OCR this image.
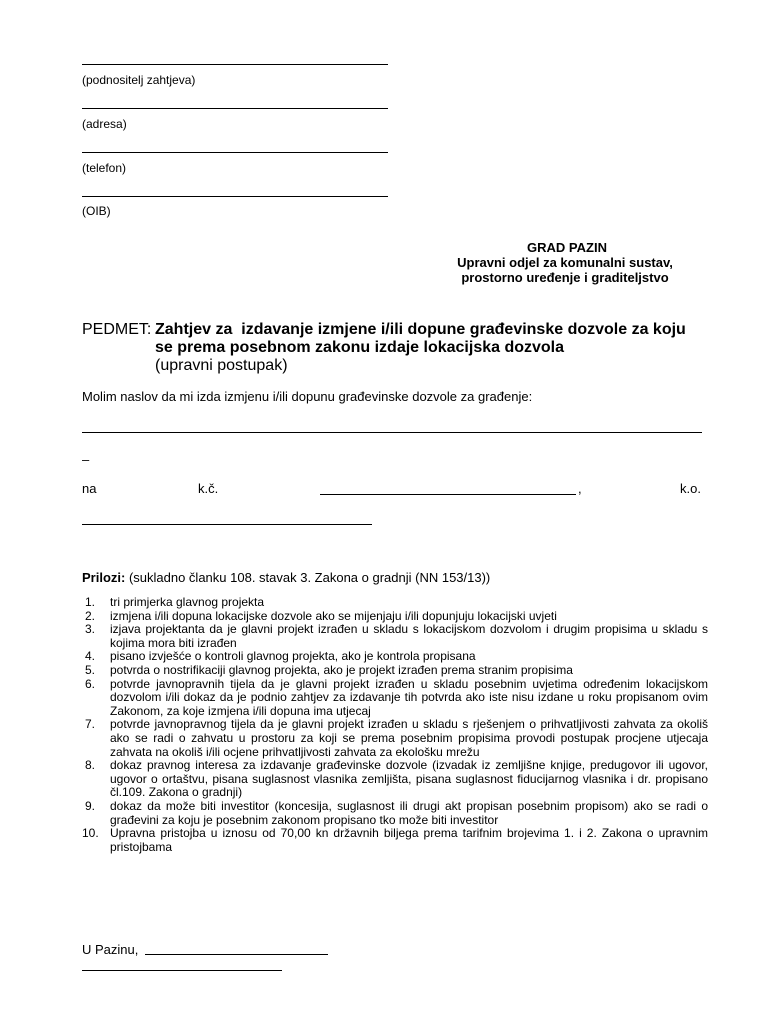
(podnositelj zahtjeva)
(adresa)
(telefon)
(OIB)
GRAD PAZIN
Upravni odjel za komunalni sustav,
prostorno uređenje i graditeljstvo
PEDMET: Zahtjev za  izdavanje izmjene i/ili dopune građevinske dozvole za koju
se prema posebnom zakonu izdaje lokacijska dozvola
(upravni postupak)
Molim naslov da mi izda izmjenu i/ili dopunu građevinske dozvole za građenje:
–
na	k.č.	,	k.o.
Prilozi: (sukladno članku 108. stavak 3. Zakona o gradnji (NN 153/13))
1.	tri primjerka glavnog projekta
2.	izmjena i/ili dopuna lokacijske dozvole ako se mijenjaju i/ili dopunjuju lokacijski uvjeti
3.	izjava projektanta da je glavni projekt izrađen u skladu s lokacijskom dozvolom i drugim propisima u skladu s kojima mora biti izrađen
4.	pisano izvješće o kontroli glavnog projekta, ako je kontrola propisana
5.	potvrda o nostrifikaciji glavnog projekta, ako je projekt izrađen prema stranim propisima
6.	potvrde javnopravnih tijela da je glavni projekt izrađen u skladu posebnim uvjetima određenim lokacijskom dozvolom i/ili dokaz da je podnio zahtjev za izdavanje tih potvrda ako iste nisu izdane u roku propisanom ovim Zakonom, za koje izmjena i/ili dopuna ima utjecaj
7.	potvrde javnopravnog tijela da je glavni projekt izrađen u skladu s rješenjem o prihvatljivosti zahvata za okoliš ako se radi o zahvatu u prostoru za koji se prema posebnim propisima provodi postupak procjene utjecaja zahvata na okoliš i/ili ocjene prihvatljivosti zahvata za ekološku mrežu
8.	dokaz pravnog interesa za izdavanje građevinske dozvole (izvadak iz zemljišne knjige, predugovor ili ugovor, ugovor o ortaštvu, pisana suglasnost vlasnika zemljišta, pisana suglasnost fiducijarnog vlasnika i dr. propisano čl.109. Zakona o gradnji)
9.	dokaz da može biti investitor (koncesija, suglasnost ili drugi akt propisan posebnim propisom) ako se radi o građevini za koju je posebnim zakonom propisano tko može biti investitor
10. Upravna pristojba u iznosu od 70,00 kn državnih biljega prema tarifnim brojevima 1. i 2. Zakona o upravnim pristojbama
U Pazinu,
